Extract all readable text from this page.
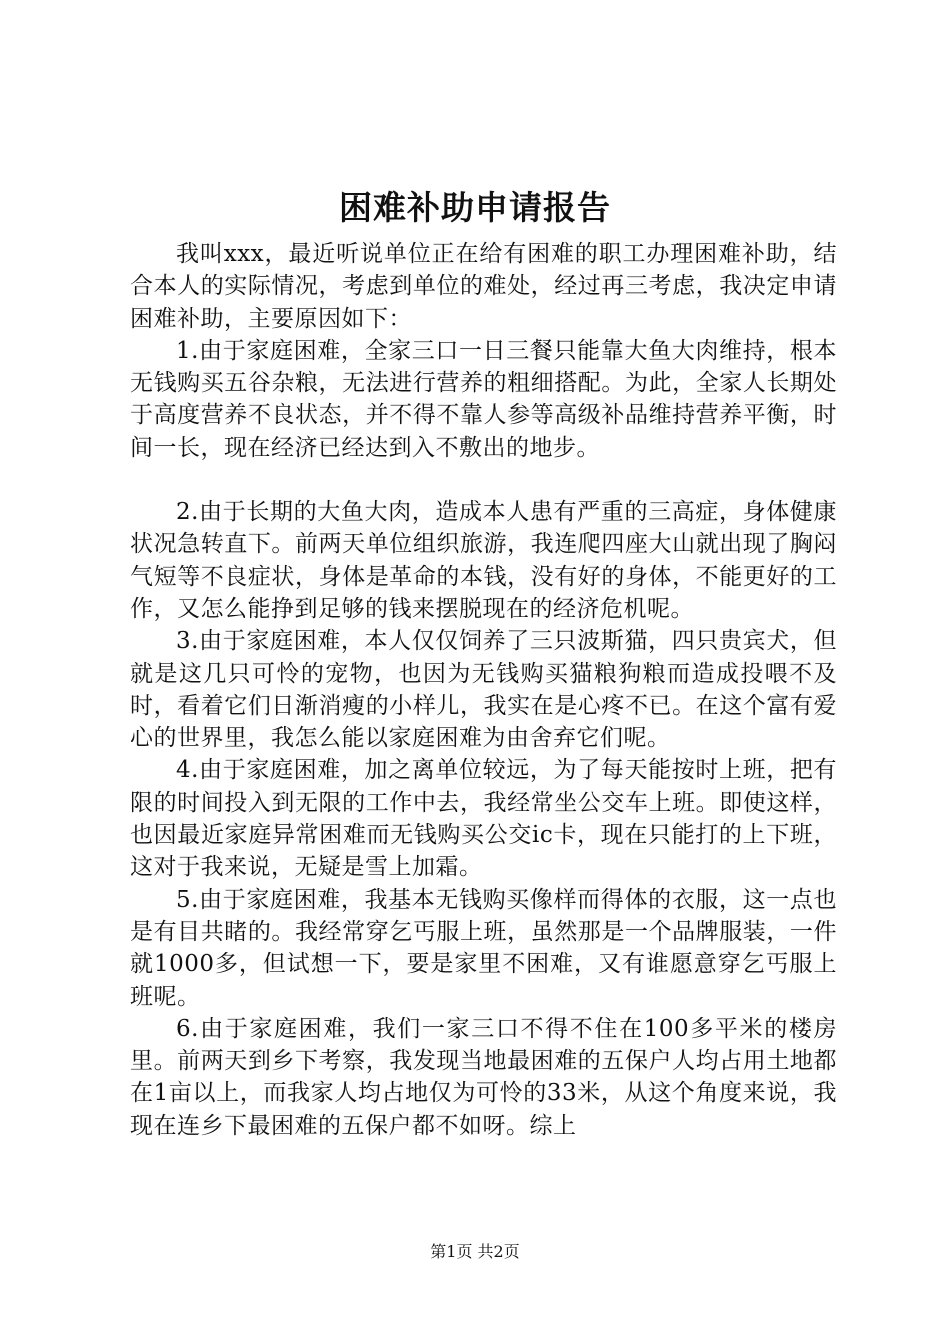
困难补助申请报告

我叫xxx，最近听说单位正在给有困难的职工办理困难补助，结合本人的实际情况，考虑到单位的难处，经过再三考虑，我决定申请困难补助，主要原因如下：

1.由于家庭困难，全家三口一日三餐只能靠大鱼大肉维持，根本无钱购买五谷杂粮，无法进行营养的粗细搭配。为此，全家人长期处于高度营养不良状态，并不得不靠人参等高级补品维持营养平衡，时间一长，现在经济已经达到入不敷出的地步。

2.由于长期的大鱼大肉，造成本人患有严重的三高症，身体健康状况急转直下。前两天单位组织旅游，我连爬四座大山就出现了胸闷气短等不良症状，身体是革命的本钱，没有好的身体，不能更好的工作，又怎么能挣到足够的钱来摆脱现在的经济危机呢。

3.由于家庭困难，本人仅仅饲养了三只波斯猫，四只贵宾犬，但就是这几只可怜的宠物，也因为无钱购买猫粮狗粮而造成投喂不及时，看着它们日渐消瘦的小样儿，我实在是心疼不已。在这个富有爱心的世界里，我怎么能以家庭困难为由舍弃它们呢。

4.由于家庭困难，加之离单位较远，为了每天能按时上班，把有限的时间投入到无限的工作中去，我经常坐公交车上班。即使这样，也因最近家庭异常困难而无钱购买公交ic卡，现在只能打的上下班，这对于我来说，无疑是雪上加霜。

5.由于家庭困难，我基本无钱购买像样而得体的衣服，这一点也是有目共睹的。我经常穿乞丐服上班，虽然那是一个品牌服装，一件就1000多，但试想一下，要是家里不困难，又有谁愿意穿乞丐服上班呢。

6.由于家庭困难，我们一家三口不得不住在100多平米的楼房里。前两天到乡下考察，我发现当地最困难的五保户人均占用土地都在1亩以上，而我家人均占地仅为可怜的33米，从这个角度来说，我现在连乡下最困难的五保户都不如呀。综上

第1页 共2页
